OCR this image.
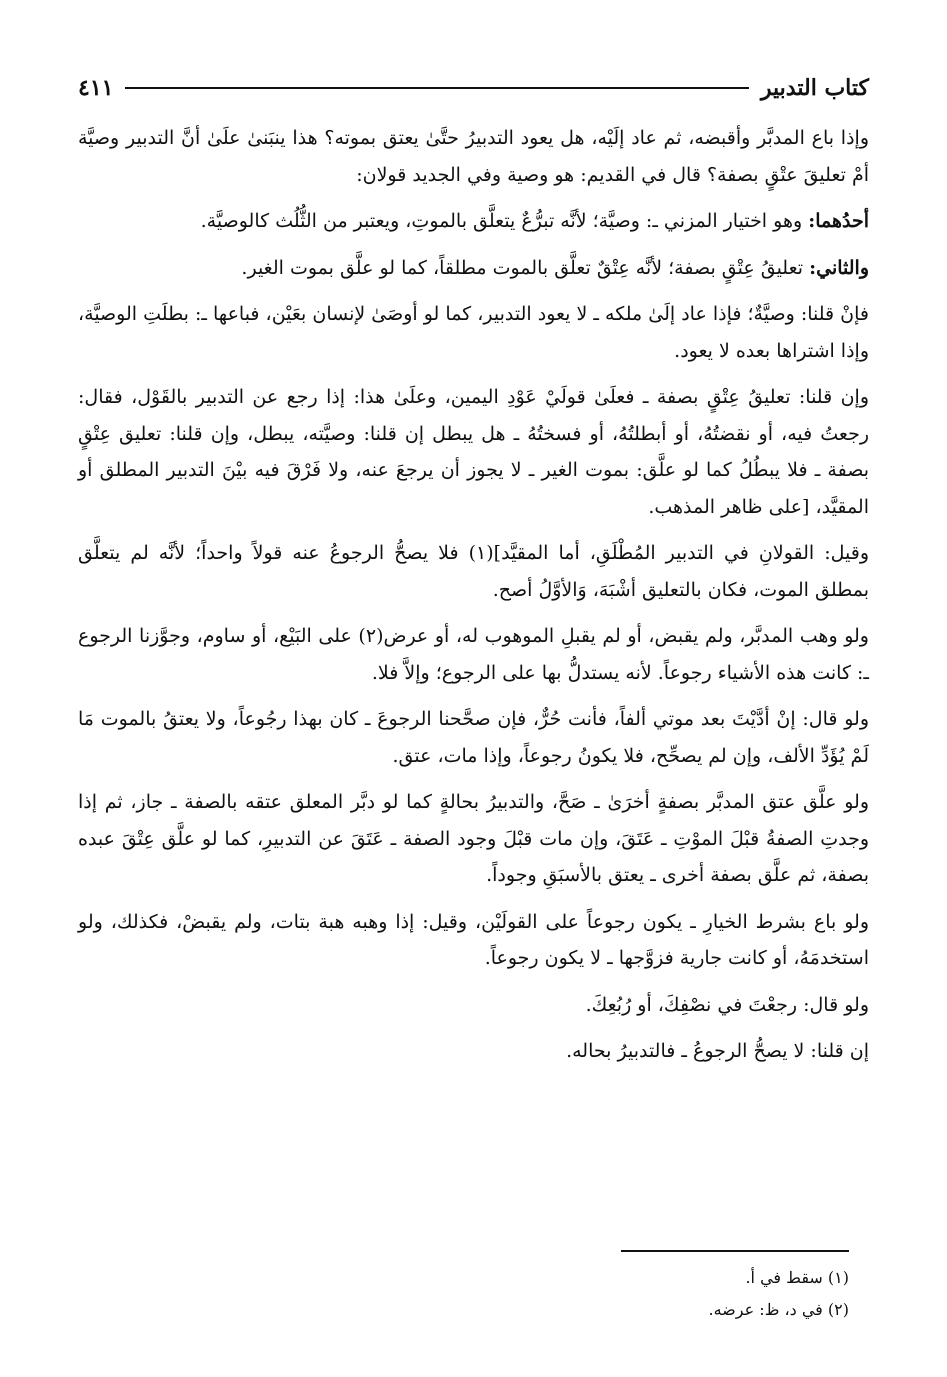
كتاب التدبير
٤١١

وإذا باع المدبَّر وأقبضه، ثم عاد إلَيْه، هل يعود التدبيرُ حتَّىٰ يعتق بموته؟ هذا ينبَنىٰ علَىٰ أنَّ التدبير وصيَّة أمْ تعليقَ عتْقٍ بصفة؟ قال في القديم: هو وصية وفي الجديد قولان:

أحدُهما: وهو اختيار المزني ـ: وصيَّة؛ لأنَّه تبرُّعٌ يتعلَّق بالموتِ، ويعتبر من الثُّلُث كالوصيَّة.

والثاني: تعليقُ عِتْقٍ بصفة؛ لأنَّه عِتْقٌ تعلَّق بالموت مطلقاً، كما لو علَّق بموت الغير.

فإنْ قلنا: وصيَّةٌ؛ فإذا عاد إلَىٰ ملكه ـ لا يعود التدبير، كما لو أوصَىٰ لإنسان بعَيْن، فباعها ـ: بطلَتِ الوصيَّة، وإذا اشتراها بعده لا يعود.

وإن قلنا: تعليقُ عِتْقٍ بصفة ـ فعلَىٰ قولَيْ عَوْدِ اليمين، وعلَىٰ هذا: إذا رجع عن التدبير بالقَوْل، فقال: رجعتُ فيه، أو نقضتُهُ، أو أبطلتُهُ، أو فسختُهُ ـ هل يبطل إن قلنا: وصيَّته، يبطل، وإن قلنا: تعليق عِتْقٍ بصفة ـ فلا يبطُلُ كما لو علَّق: بموت الغير ـ لا يجوز أن يرجعَ عنه، ولا فَرْقَ فيه بيْنَ التدبير المطلق أو المقيَّد، [على ظاهر المذهب.

وقيل: القولانِ في التدبير المُطْلَقِ، أما المقيَّد](١) فلا يصحُّ الرجوعُ عنه قولاً واحداً؛ لأنَّه لم يتعلَّق بمطلق الموت، فكان بالتعليق أشْبَهَ، وَالأوَّلُ أصح.

ولو وهب المدبَّر، ولم يقبض، أو لم يقبلِ الموهوب له، أو عرض(٢) على البَيْع، أو ساوم، وجوَّزنا الرجوع ـ: كانت هذه الأشياء رجوعاً. لأنه يستدلُّ بها على الرجوع؛ وإلاَّ فلا.

ولو قال: إنْ أدَّيْتَ بعد موتي ألفاً، فأنت حُرٌّ، فإن صحَّحنا الرجوعَ ـ كان بهذا رجُوعاً، ولا يعتقُ بالموت مَا لَمْ يُؤَدِّ الألف، وإن لم يصحِّح، فلا يكونُ رجوعاً، وإذا مات، عتق.

ولو علَّق عتق المدبَّر بصفةٍ أخرَىٰ ـ صَحَّ، والتدبيرُ بحالةٍ كما لو دبَّر المعلق عتقه بالصفة ـ جاز، ثم إذا وجدتِ الصفةُ قبْلَ الموْتِ ـ عَتَقَ، وإن مات قبْلَ وجود الصفة ـ عَتَقَ عن التدبيرِ، كما لو علَّق عِتْقَ عبده بصفة، ثم علَّق بصفة أخرى ـ يعتق بالأسبَقِ وجوداً.

ولو باع بشرط الخيارِ ـ يكون رجوعاً على القولَيْن، وقيل: إذا وهبه هبة بتات، ولم يقبضْ، فكذلك، ولو استخدمَهُ، أو كانت جارية فزوَّجها ـ لا يكون رجوعاً.

ولو قال: رجعْتَ في نصْفِكَ، أو رُبُعِكَ.

إن قلنا: لا يصحُّ الرجوعُ ـ فالتدبيرُ بحاله.

(١) سقط في أ.

(٢) في د، ظ: عرضه.
